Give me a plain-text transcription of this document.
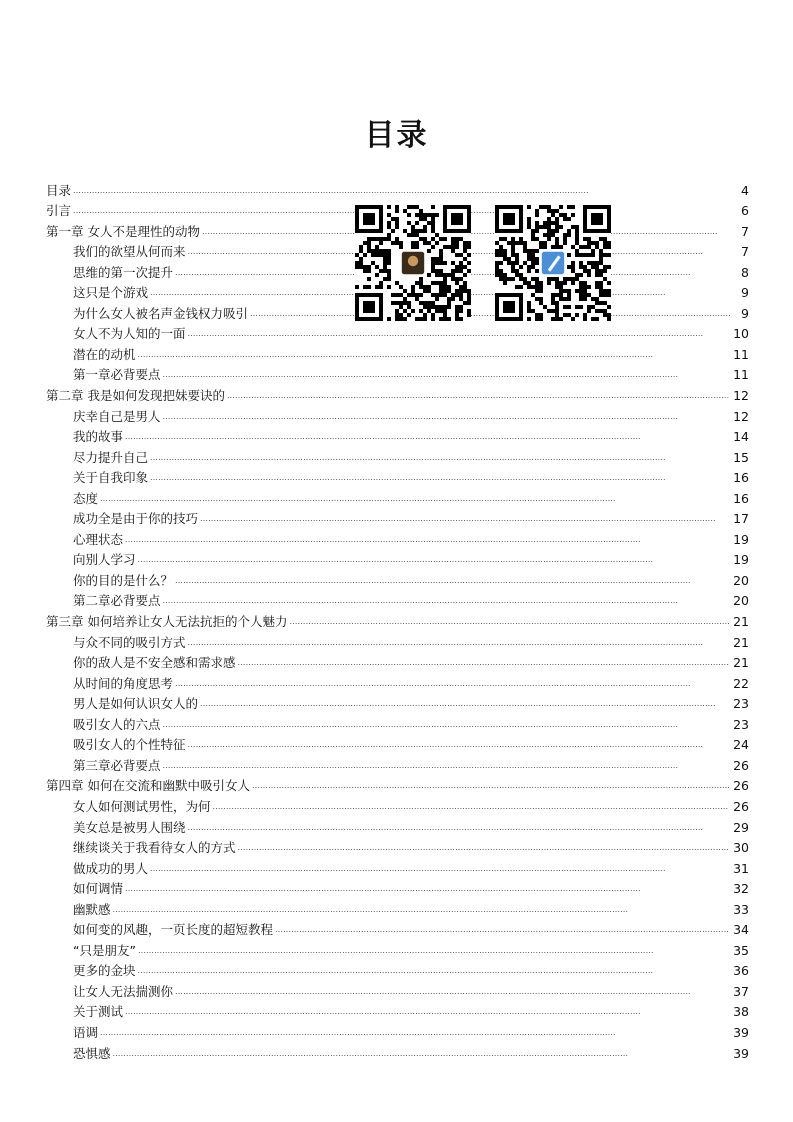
目录
目录 . . .	4
引言 . . .	6
第一章 女人不是理性的动物 . . .	7
我们的欲望从何而来 . . .	7
思维的第一次提升 . . .	8
这只是个游戏 . . .	9
为什么女人被名声金钱权力吸引 . . .	9
女人不为人知的一面 . . .	10
潜在的动机 . . .	11
第一章必背要点 . . .	11
第二章 我是如何发现把妹要诀的 . . .	12
庆幸自己是男人 . . .	12
我的故事 . . .	14
尽力提升自己 . . .	15
关于自我印象 . . .	16
态度 . . .	16
成功全是由于你的技巧 . . .	17
心理状态 . . .	19
向别人学习 . . .	19
你的目的是什么？ . . .	20
第二章必背要点 . . .	20
第三章 如何培养让女人无法抗拒的个人魅力 . . .	21
与众不同的吸引方式 . . .	21
你的敌人是不安全感和需求感 . . .	21
从时间的角度思考 . . .	22
男人是如何认识女人的 . . .	23
吸引女人的六点 . . .	23
吸引女人的个性特征 . . .	24
第三章必背要点 . . .	26
第四章 如何在交流和幽默中吸引女人 . . .	26
女人如何测试男性，为何 . . .	26
美女总是被男人围绕 . . .	29
继续谈关于我看待女人的方式 . . .	30
做成功的男人 . . .	31
如何调情 . . .	32
幽默感 . . .	33
如何变的风趣，一页长度的超短教程 . . .	34
“只是朋友” . . .	35
更多的金块 . . .	36
让女人无法揣测你 . . .	37
关于测试 . . .	38
语调 . . .	39
恐惧感 . . .	39
